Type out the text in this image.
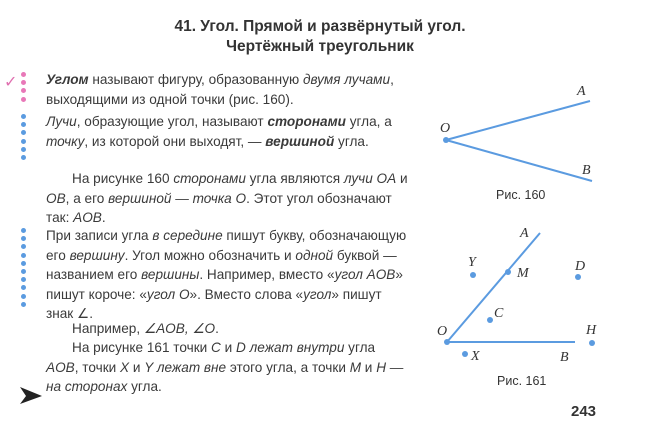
41. Угол. Прямой и развёрнутый угол.
Чертёжный треугольник
✓ Углом называют фигуру, образованную двумя лучами, выходящими из одной точки (рис. 160).

Лучи, образующие угол, называют сторонами угла, а точку, из которой они выходят, — вершиной угла.

На рисунке 160 сторонами угла являются лучи OA и OB, а его вершиной — точка O. Этот угол обозначают так: AOB.

При записи угла в середине пишут букву, обозначающую его вершину. Угол можно обозначить и одной буквой — названием его вершины. Например, вместо «угол AOB» пишут короче: «угол O». Вместо слова «угол» пишут знак ∠.

Например, ∠AOB, ∠O.

На рисунке 161 точки C и D лежат внутри угла AOB, точки X и Y лежат вне этого угла, а точки M и H — на сторонах угла.

O
A
B
Рис. 160
O
A
B
Y
M	D
C
H
X
Рис. 161
243
